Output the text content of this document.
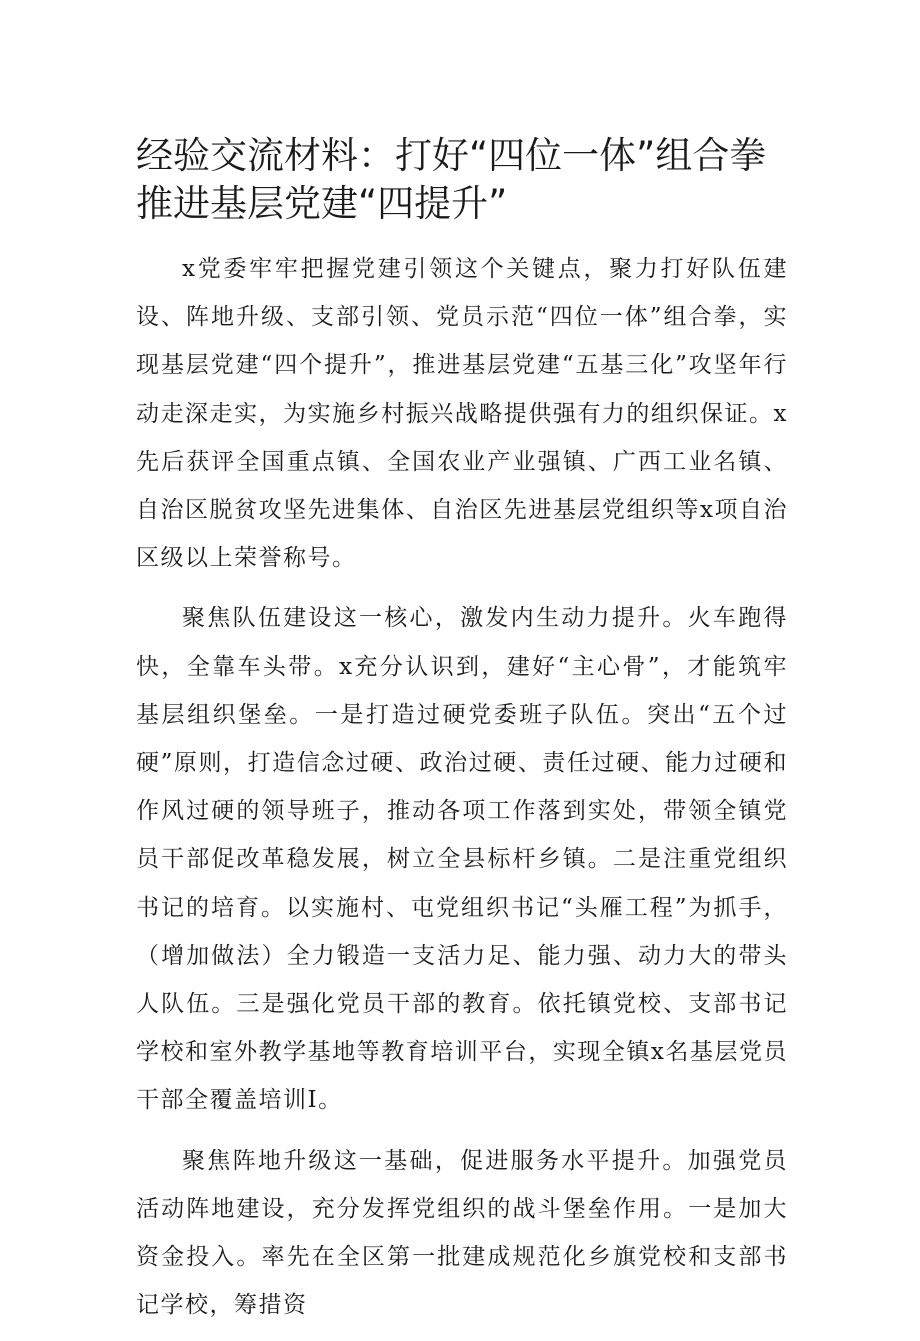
经验交流材料：打好“四位一体”组合拳推进基层党建“四提升”

x党委牢牢把握党建引领这个关键点，聚力打好队伍建设、阵地升级、支部引领、党员示范“四位一体”组合拳，实现基层党建“四个提升”，推进基层党建“五基三化”攻坚年行动走深走实，为实施乡村振兴战略提供强有力的组织保证。x先后获评全国重点镇、全国农业产业强镇、广西工业名镇、自治区脱贫攻坚先进集体、自治区先进基层党组织等x项自治区级以上荣誉称号。

聚焦队伍建设这一核心，激发内生动力提升。火车跑得快，全靠车头带。x充分认识到，建好“主心骨”，才能筑牢基层组织堡垒。一是打造过硬党委班子队伍。突出“五个过硬”原则，打造信念过硬、政治过硬、责任过硬、能力过硬和作风过硬的领导班子，推动各项工作落到实处，带领全镇党员干部促改革稳发展，树立全县标杆乡镇。二是注重党组织书记的培育。以实施村、屯党组织书记“头雁工程”为抓手，（增加做法）全力锻造一支活力足、能力强、动力大的带头人队伍。三是强化党员干部的教育。依托镇党校、支部书记学校和室外教学基地等教育培训平台，实现全镇x名基层党员干部全覆盖培训I。

聚焦阵地升级这一基础，促进服务水平提升。加强党员活动阵地建设，充分发挥党组织的战斗堡垒作用。一是加大资金投入。率先在全区第一批建成规范化乡旗党校和支部书记学校，筹措资
